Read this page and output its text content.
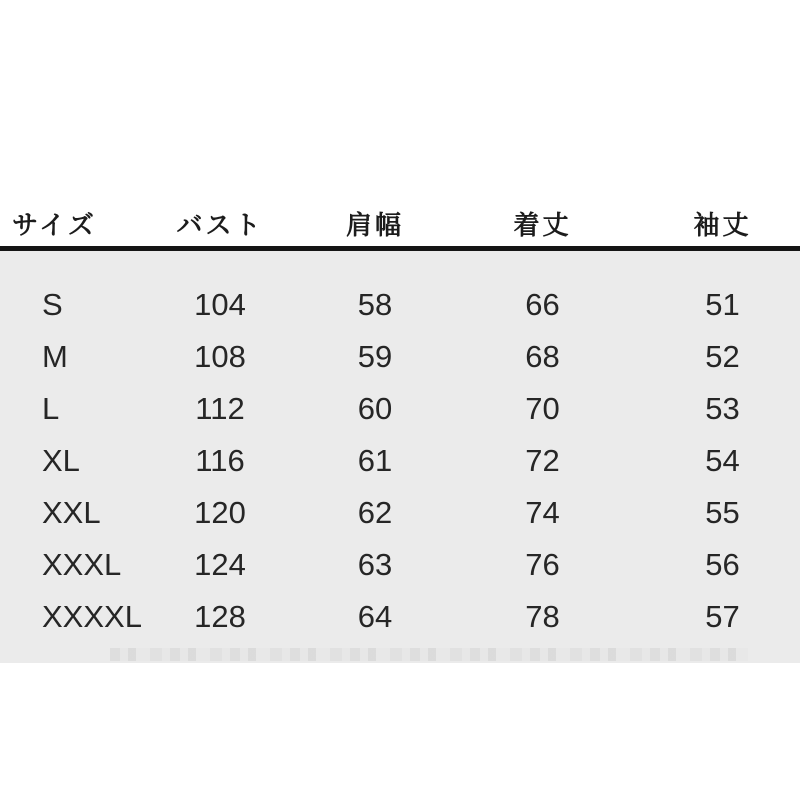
サイズ	バスト	肩幅	着丈	袖丈
S	104	58	66	51
M	108	59	68	52
L	112	60	70	53
XL	116	61	72	54
XXL	120	62	74	55
XXXL	124	63	76	56
XXXXL	128	64	78	57
